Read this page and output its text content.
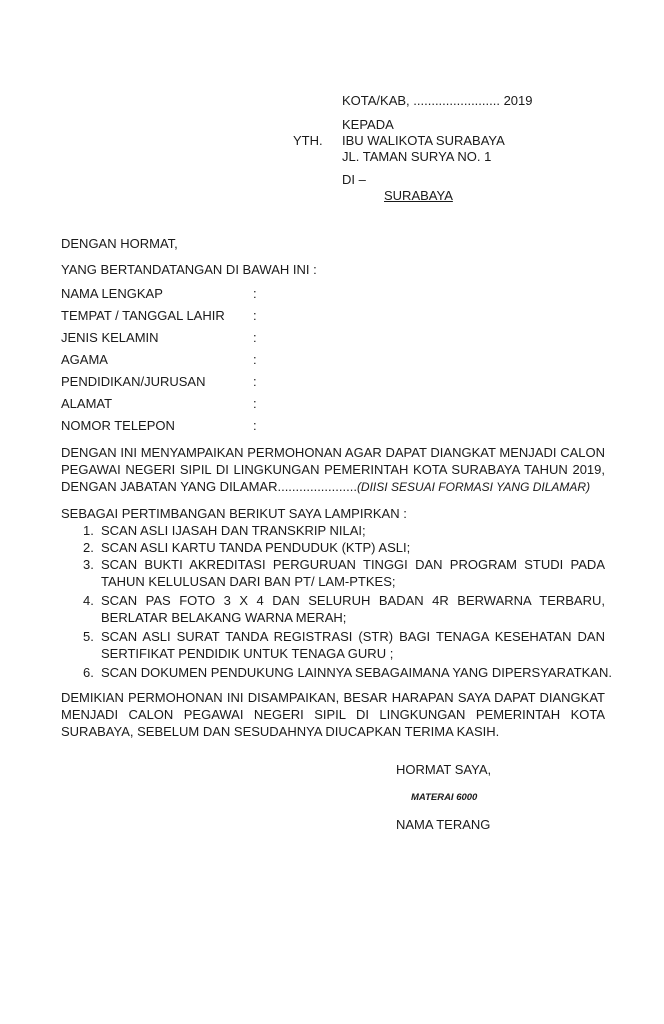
KOTA/KAB, ........................ 2019
KEPADA
YTH. IBU WALIKOTA SURABAYA
JL. TAMAN SURYA NO. 1
DI –
SURABAYA
DENGAN HORMAT,
YANG BERTANDATANGAN DI BAWAH INI :
NAMA LENGKAP	:
TEMPAT / TANGGAL LAHIR :
JENIS KELAMIN	:
AGAMA	:
PENDIDIKAN/JURUSAN	:
ALAMAT	:
NOMOR TELEPON	:
DENGAN INI MENYAMPAIKAN PERMOHONAN AGAR DAPAT DIANGKAT MENJADI CALON
PEGAWAI NEGERI SIPIL DI LINGKUNGAN PEMERINTAH KOTA SURABAYA TAHUN 2019,
DENGAN JABATAN YANG DILAMAR......................(DIISI SESUAI FORMASI YANG DILAMAR)
SEBAGAI PERTIMBANGAN BERIKUT SAYA LAMPIRKAN :
1. SCAN ASLI IJASAH DAN TRANSKRIP NILAI;
2. SCAN ASLI KARTU TANDA PENDUDUK (KTP) ASLI;
3. SCAN BUKTI AKREDITASI PERGURUAN TINGGI DAN PROGRAM STUDI PADA
TAHUN KELULUSAN DARI BAN PT/ LAM-PTKES;
4. SCAN PAS FOTO 3 X 4 DAN SELURUH BADAN 4R BERWARNA TERBARU,
BERLATAR BELAKANG WARNA MERAH;
5. SCAN ASLI SURAT TANDA REGISTRASI (STR) BAGI TENAGA KESEHATAN DAN
SERTIFIKAT PENDIDIK UNTUK TENAGA GURU ;
6. SCAN DOKUMEN PENDUKUNG LAINNYA SEBAGAIMANA YANG DIPERSYARATKAN.
DEMIKIAN PERMOHONAN INI DISAMPAIKAN, BESAR HARAPAN SAYA DAPAT DIANGKAT
MENJADI CALON PEGAWAI NEGERI SIPIL DI LINGKUNGAN PEMERINTAH KOTA
SURABAYA, SEBELUM DAN SESUDAHNYA DIUCAPKAN TERIMA KASIH.
HORMAT SAYA,
MATERAI 6000
NAMA TERANG
